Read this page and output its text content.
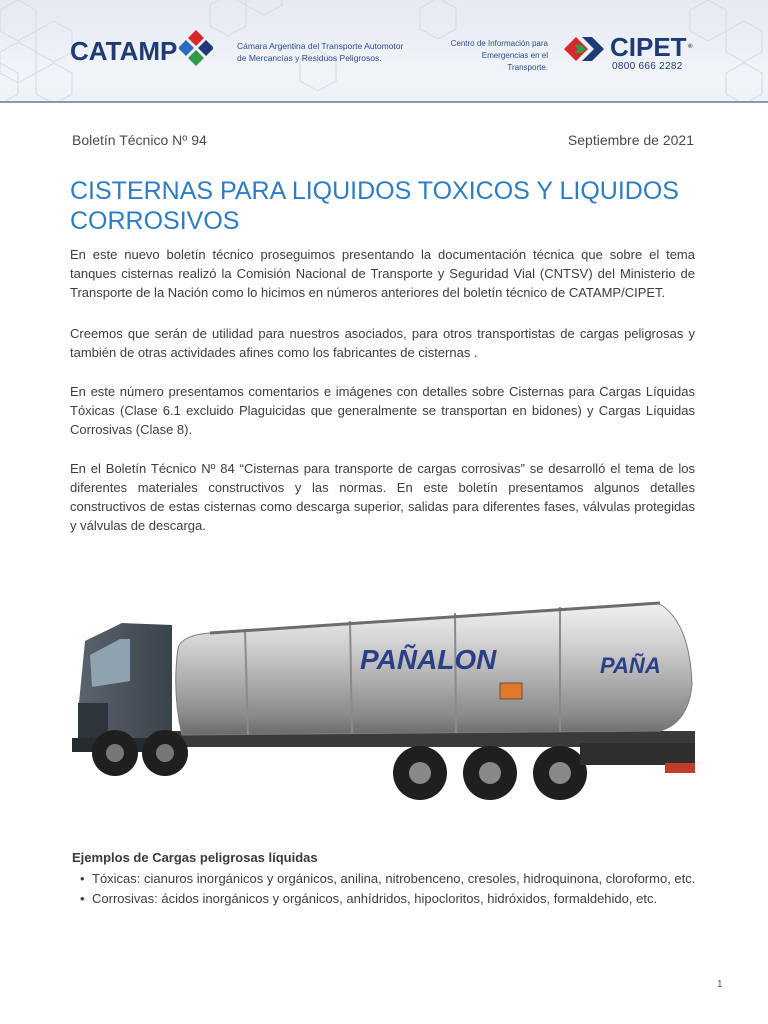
CATAMP	Cámara Argentina del Transporte Automotor
de Mercancías y Residuos Peligrosos.
Centro de Información para
Emergencias en el Transporte.
CIPET ®
0800 666 2282
Boletín Técnico Nº 94	Septiembre de 2021
CISTERNAS PARA LIQUIDOS TOXICOS Y LIQUIDOS
CORROSIVOS

En este nuevo boletín técnico proseguimos presentando la documentación técnica que sobre el tema tanques cisternas realizó la Comisión Nacional de Transporte y Seguridad Vial (CNTSV) del Ministerio de Transporte de la Nación como lo hicimos en números anteriores del boletín técnico de CATAMP/CIPET.

Creemos que serán de utilidad para nuestros asociados, para otros transportistas de cargas peligrosas y también de otras actividades afines como los fabricantes de cisternas .

En este número presentamos comentarios e imágenes con detalles sobre Cisternas para Cargas Líquidas Tóxicas (Clase 6.1 excluido Plaguicidas que generalmente se transportan en bidones) y Cargas Líquidas Corrosivas (Clase 8).

En el Boletín Técnico Nº 84 “Cisternas para transporte de cargas corrosivas” se desarrolló el tema de los diferentes materiales constructivos y las normas. En este boletín presentamos algunos detalles constructivos de estas cisternas como descarga superior, salidas para diferentes fases, válvulas protegidas y válvulas de descarga.

PAÑALON	PAÑA
Ejemplos de Cargas peligrosas líquidas
• Tóxicas: cianuros inorgánicos y orgánicos, anilina, nitrobenceno, cresoles, hidroquinona, cloroformo, etc.
• Corrosivas: ácidos inorgánicos y orgánicos, anhídridos, hipocloritos, hidróxidos, formaldehido, etc.
1
